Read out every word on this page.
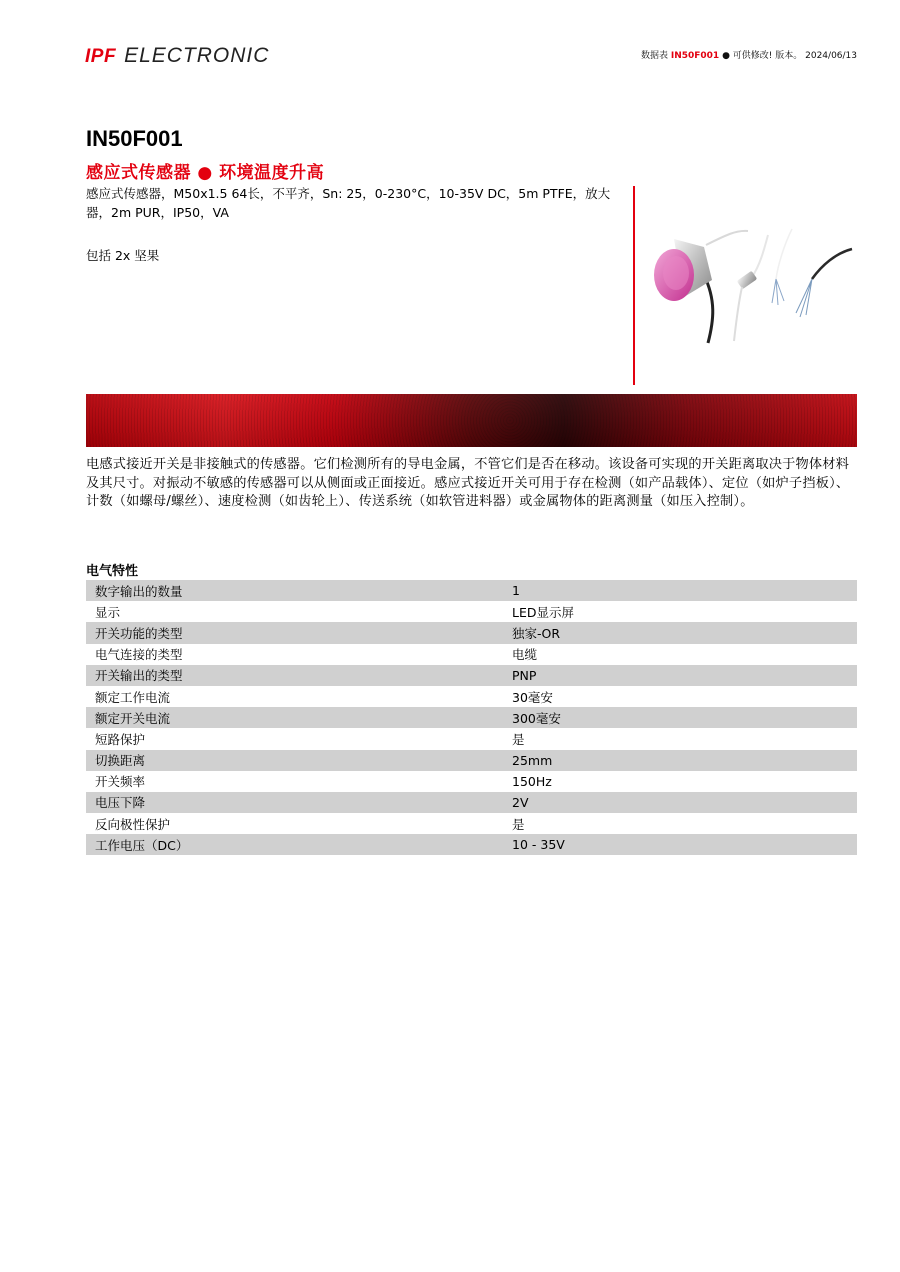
IPF ELECTRONIC	数据表 IN50F001 ● 可供修改! 版本。 2024/06/13
IN50F001
感应式传感器 ● 环境温度升高
感应式传感器，M50x1.5 64长，不平齐，Sn: 25，0-230°C，10-35V DC，5m PTFE，放大器，2m PUR，IP50，VA
包括 2x 坚果
电感式接近开关是非接触式的传感器。它们检测所有的导电金属，不管它们是否在移动。该设备可实现的开关距离取决于物体材料及其尺寸。对振动不敏感的传感器可以从侧面或正面接近。感应式接近开关可用于存在检测（如产品载体）、定位（如炉子挡板）、计数（如螺母/螺丝）、速度检测（如齿轮上）、传送系统（如软管进料器）或金属物体的距离测量（如压入控制）。
电气特性
数字输出的数量	1
显示	LED显示屏
开关功能的类型	独家-OR
电气连接的类型	电缆
开关输出的类型	PNP
额定工作电流	30毫安
额定开关电流	300毫安
短路保护	是
切换距离	25mm
开关频率	150Hz
电压下降	2V
反向极性保护	是
工作电压（DC）	10 - 35V
